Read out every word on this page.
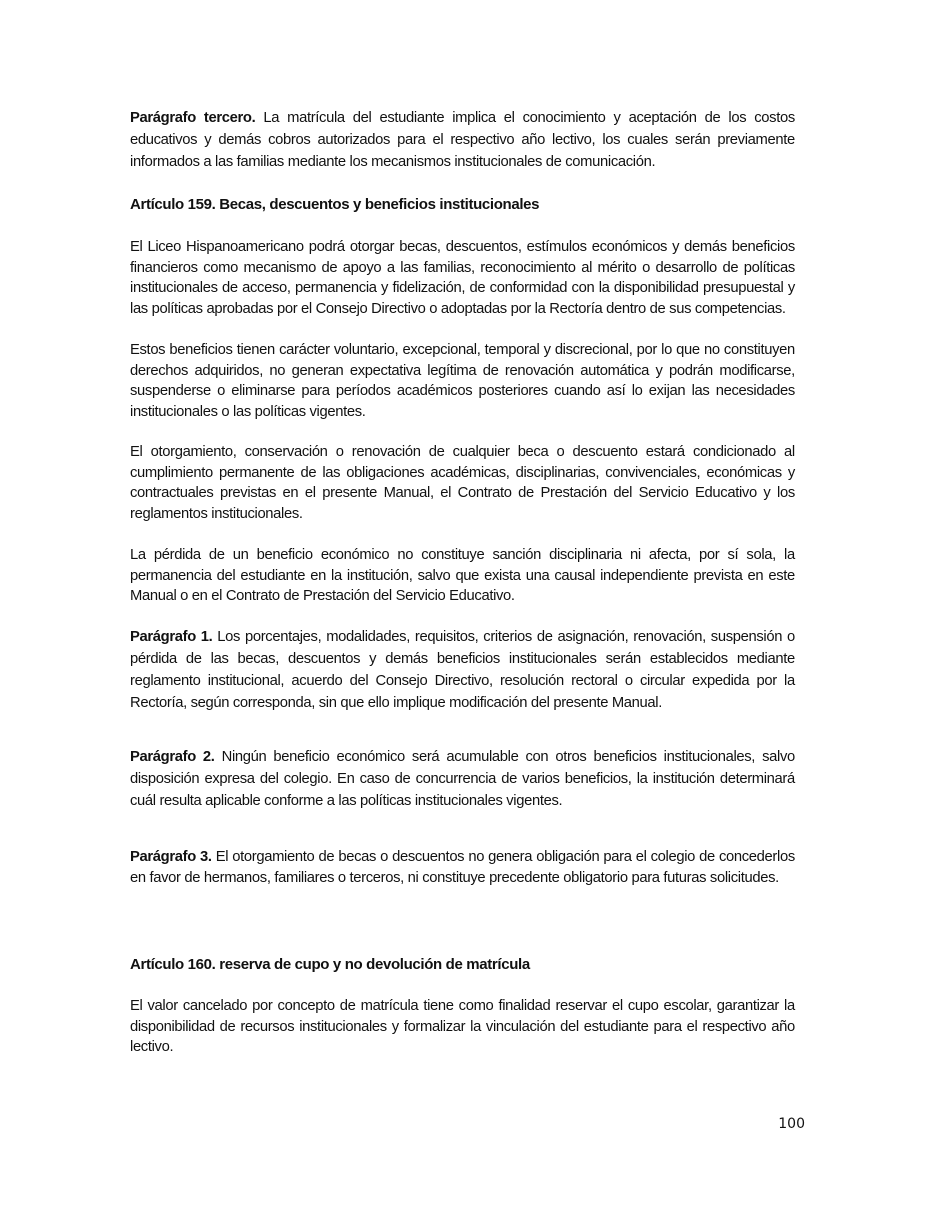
Parágrafo tercero. La matrícula del estudiante implica el conocimiento y aceptación de los costos educativos y demás cobros autorizados para el respectivo año lectivo, los cuales serán previamente informados a las familias mediante los mecanismos institucionales de comunicación.

Artículo 159. Becas, descuentos y beneficios institucionales

El Liceo Hispanoamericano podrá otorgar becas, descuentos, estímulos económicos y demás beneficios financieros como mecanismo de apoyo a las familias, reconocimiento al mérito o desarrollo de políticas institucionales de acceso, permanencia y fidelización, de conformidad con la disponibilidad presupuestal y las políticas aprobadas por el Consejo Directivo o adoptadas por la Rectoría dentro de sus competencias.

Estos beneficios tienen carácter voluntario, excepcional, temporal y discrecional, por lo que no constituyen derechos adquiridos, no generan expectativa legítima de renovación automática y podrán modificarse, suspenderse o eliminarse para períodos académicos posteriores cuando así lo exijan las necesidades institucionales o las políticas vigentes.

El otorgamiento, conservación o renovación de cualquier beca o descuento estará condicionado al cumplimiento permanente de las obligaciones académicas, disciplinarias, convivenciales, económicas y contractuales previstas en el presente Manual, el Contrato de Prestación del Servicio Educativo y los reglamentos institucionales.

La pérdida de un beneficio económico no constituye sanción disciplinaria ni afecta, por sí sola, la permanencia del estudiante en la institución, salvo que exista una causal independiente prevista en este Manual o en el Contrato de Prestación del Servicio Educativo.

Parágrafo 1. Los porcentajes, modalidades, requisitos, criterios de asignación, renovación, suspensión o pérdida de las becas, descuentos y demás beneficios institucionales serán establecidos mediante reglamento institucional, acuerdo del Consejo Directivo, resolución rectoral o circular expedida por la Rectoría, según corresponda, sin que ello implique modificación del presente Manual.

Parágrafo 2. Ningún beneficio económico será acumulable con otros beneficios institucionales, salvo disposición expresa del colegio. En caso de concurrencia de varios beneficios, la institución determinará cuál resulta aplicable conforme a las políticas institucionales vigentes.

Parágrafo 3. El otorgamiento de becas o descuentos no genera obligación para el colegio de concederlos en favor de hermanos, familiares o terceros, ni constituye precedente obligatorio para futuras solicitudes.

Artículo 160. reserva de cupo y no devolución de matrícula

El valor cancelado por concepto de matrícula tiene como finalidad reservar el cupo escolar, garantizar la disponibilidad de recursos institucionales y formalizar la vinculación del estudiante para el respectivo año lectivo.

100
